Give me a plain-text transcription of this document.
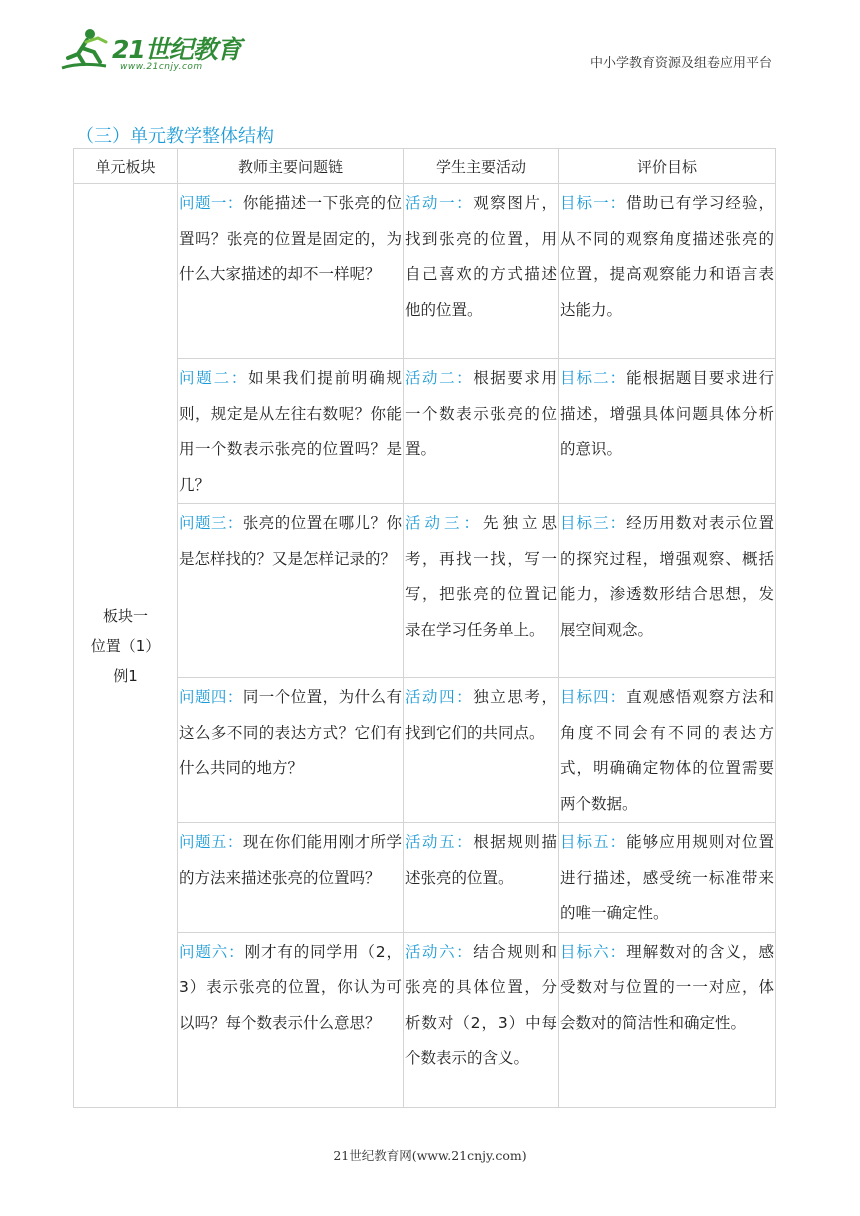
21世纪教育
www.21cnjy.com	中小学教育资源及组卷应用平台
（三）单元教学整体结构
单元板块	教师主要问题链	学生主要活动	评价目标

板块一
位置（1）
例1	问题一：你能描述一下张亮的位置吗？张亮的位置是固定的，为什么大家描述的却不一样呢？	活动一：观察图片，找到张亮的位置，用自己喜欢的方式描述他的位置。	目标一：借助已有学习经验，从不同的观察角度描述张亮的位置，提高观察能力和语言表达能力。
	问题二：如果我们提前明确规则，规定是从左往右数呢？你能用一个数表示张亮的位置吗？是几？	活动二：根据要求用一个数表示张亮的位置。	目标二：能根据题目要求进行描述，增强具体问题具体分析的意识。
	问题三：张亮的位置在哪儿？你是怎样找的？又是怎样记录的？	活动三：先独立思考，再找一找，写一写，把张亮的位置记录在学习任务单上。	目标三：经历用数对表示位置的探究过程，增强观察、概括能力，渗透数形结合思想，发展空间观念。
	问题四：同一个位置，为什么有这么多不同的表达方式？它们有什么共同的地方？	活动四：独立思考，找到它们的共同点。	目标四：直观感悟观察方法和角度不同会有不同的表达方式，明确确定物体的位置需要两个数据。
	问题五：现在你们能用刚才所学的方法来描述张亮的位置吗？	活动五：根据规则描述张亮的位置。	目标五：能够应用规则对位置进行描述，感受统一标准带来的唯一确定性。
	问题六：刚才有的同学用（2，3）表示张亮的位置，你认为可以吗？每个数表示什么意思？	活动六：结合规则和张亮的具体位置，分析数对（2，3）中每个数表示的含义。	目标六：理解数对的含义，感受数对与位置的一一对应，体会数对的简洁性和确定性。
21世纪教育网(www.21cnjy.com)
